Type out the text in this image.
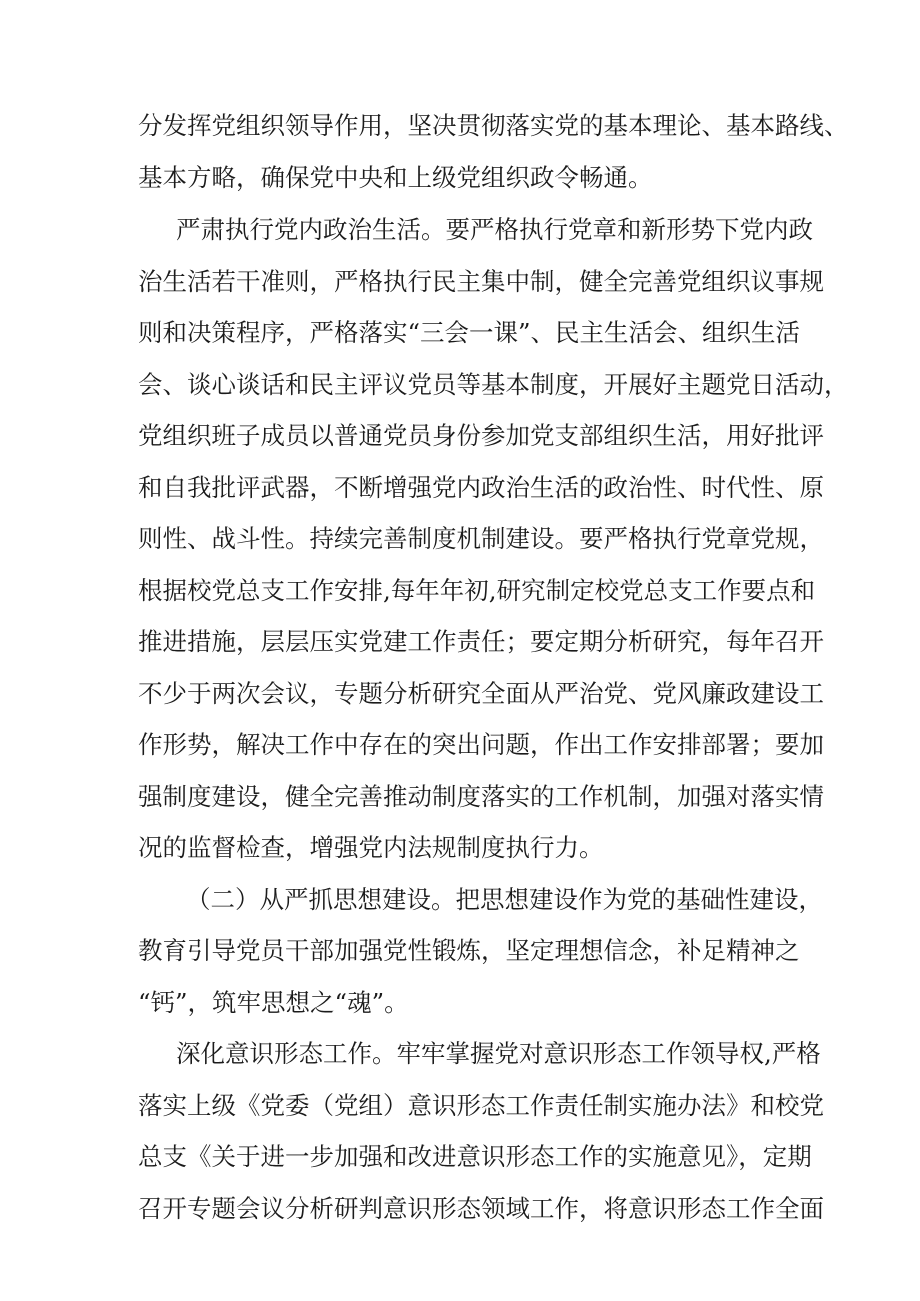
分发挥党组织领导作用，坚决贯彻落实党的基本理论、基本路线、
基本方略，确保党中央和上级党组织政令畅通。
严肃执行党内政治生活。要严格执行党章和新形势下党内政
治生活若干准则，严格执行民主集中制，健全完善党组织议事规
则和决策程序，严格落实“三会一课”、民主生活会、组织生活
会、谈心谈话和民主评议党员等基本制度，开展好主题党日活动，
党组织班子成员以普通党员身份参加党支部组织生活，用好批评
和自我批评武器，不断增强党内政治生活的政治性、时代性、原
则性、战斗性。持续完善制度机制建设。要严格执行党章党规，
根据校党总支工作安排,每年年初,研究制定校党总支工作要点和
推进措施，层层压实党建工作责任；要定期分析研究，每年召开
不少于两次会议，专题分析研究全面从严治党、党风廉政建设工
作形势，解决工作中存在的突出问题，作出工作安排部署；要加
强制度建设，健全完善推动制度落实的工作机制，加强对落实情
况的监督检查，增强党内法规制度执行力。
（二）从严抓思想建设。把思想建设作为党的基础性建设，
教育引导党员干部加强党性锻炼，坚定理想信念，补足精神之
“钙”，筑牢思想之“魂”。
深化意识形态工作。牢牢掌握党对意识形态工作领导权,严格
落实上级《党委（党组）意识形态工作责任制实施办法》和校党
总支《关于进一步加强和改进意识形态工作的实施意见》，定期
召开专题会议分析研判意识形态领域工作，将意识形态工作全面
